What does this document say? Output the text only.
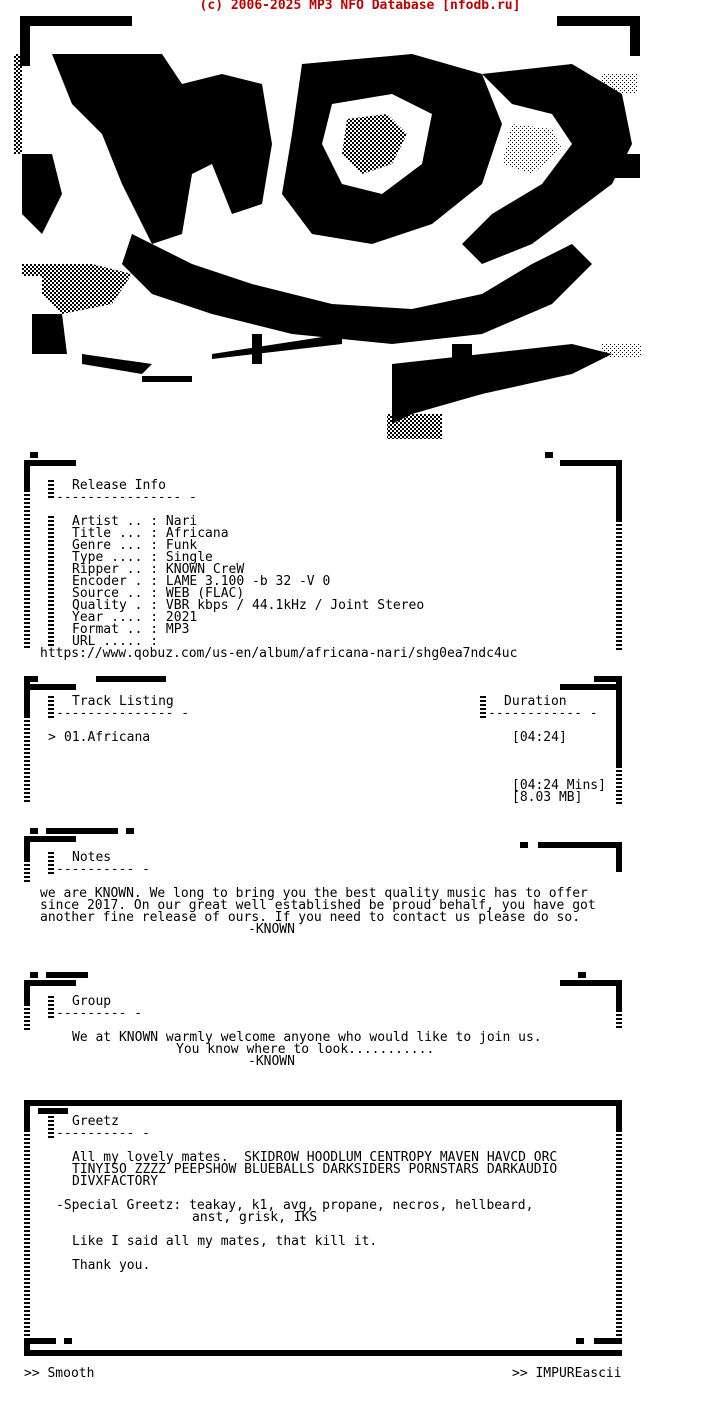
(c) 2006-2025 MP3 NFO Database [nfodb.ru]
sM
Release Info
---------------- -
Artist .. : Nari
Title ... : Africana
Genre ... : Funk
Type .... : Single
Ripper .. : KNOWN CreW
Encoder . : LAME 3.100 -b 32 -V 0
Source .. : WEB (FLAC)
Quality . : VBR kbps / 44.1kHz / Joint Stereo
Year .... : 2021
Format .. : MP3
URL ..... :
https://www.qobuz.com/us-en/album/africana-nari/shg0ea7ndc4uc
Track Listing
--------------- -
Duration
------------ -
> 01.Africana	[04:24]
[04:24 Mins]
[8.03 MB]
Notes
---------- -
we are KNOWN. We long to bring you the best quality music has to offer
since 2017. On our great well established be proud behalf, you have got
another fine release of ours. If you need to contact us please do so.
-KNOWN
Group
--------- -
We at KNOWN warmly welcome anyone who would like to join us.
You know where to look...........
-KNOWN
Greetz
---------- -
All my lovely mates.  SKIDROW HOODLUM CENTROPY MAVEN HAVCD ORC
TINYISO ZZZZ PEEPSHOW BLUEBALLS DARKSIDERS PORNSTARS DARKAUDIO
DIVXFACTORY
-Special Greetz: teakay, k1, avg, propane, necros, hellbeard,
anst, grisk, IKS
Like I said all my mates, that kill it.
Thank you.
>> Smooth	>> IMPUREascii
